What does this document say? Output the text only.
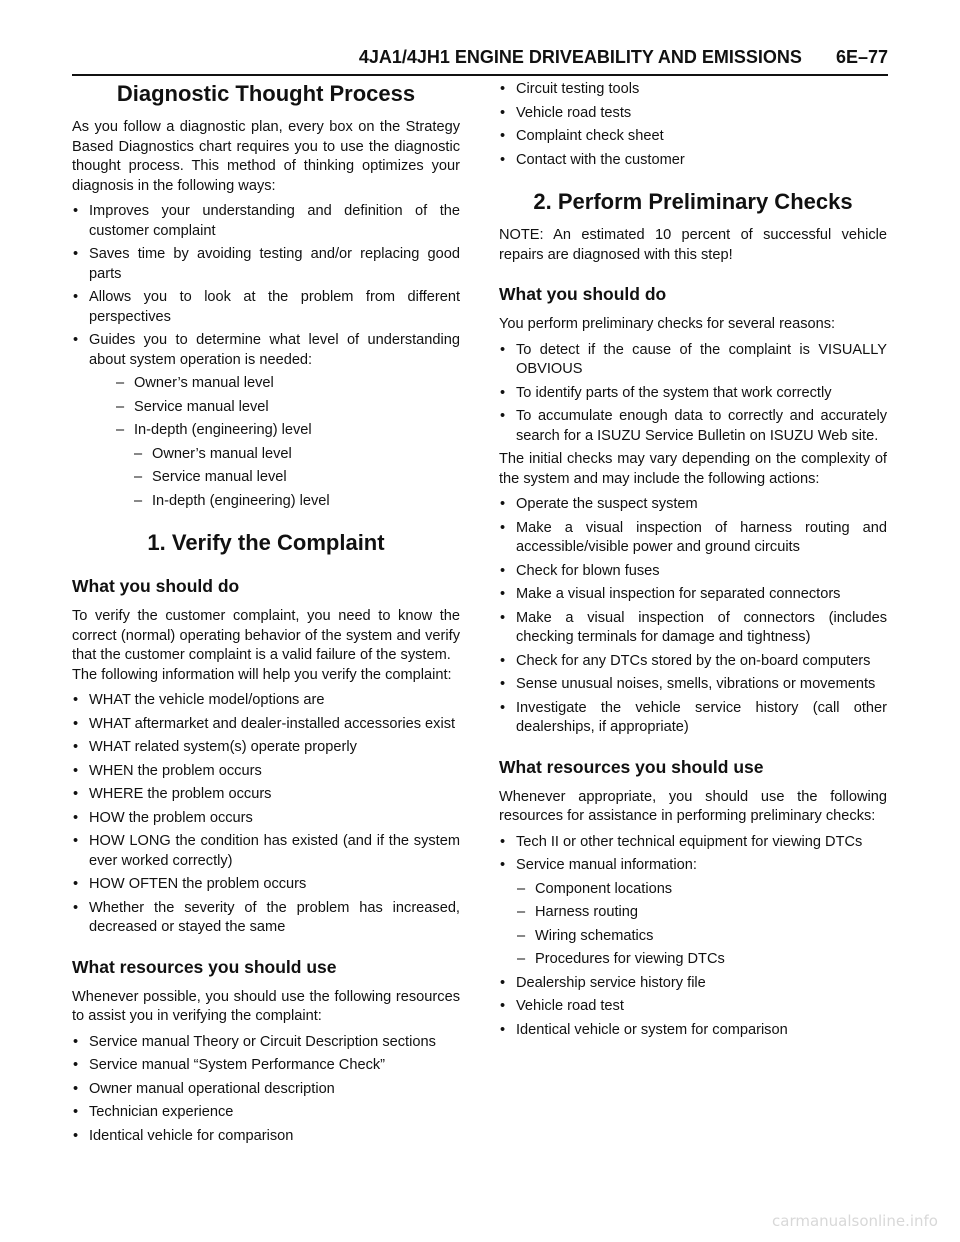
4JA1/4JH1 ENGINE DRIVEABILITY AND EMISSIONS 6E–77
Diagnostic Thought Process

As you follow a diagnostic plan, every box on the Strategy Based Diagnostics chart requires you to use the diagnostic thought process. This method of thinking optimizes your diagnosis in the following ways:

• Improves your understanding and definition of the customer complaint
• Saves time by avoiding testing and/or replacing good parts
• Allows you to look at the problem from different perspectives
• Guides you to determine what level of understanding about system operation is needed:
– Owner’s manual level
– Service manual level
– In-depth (engineering) level
– Owner’s manual level
– Service manual level
– In-depth (engineering) level
1. Verify the Complaint
What you should do

To verify the customer complaint, you need to know the correct (normal) operating behavior of the system and verify that the customer complaint is a valid failure of the system.

The following information will help you verify the complaint:

• WHAT the vehicle model/options are
• WHAT aftermarket and dealer-installed accessories exist
• WHAT related system(s) operate properly
• WHEN the problem occurs
• WHERE the problem occurs
• HOW the problem occurs
• HOW LONG the condition has existed (and if the system ever worked correctly)
• HOW OFTEN the problem occurs
• Whether the severity of the problem has increased, decreased or stayed the same
What resources you should use

Whenever possible, you should use the following resources to assist you in verifying the complaint:

• Service manual Theory or Circuit Description sections
• Service manual “System Performance Check”
• Owner manual operational description
• Technician experience
• Identical vehicle for comparison
• Circuit testing tools
• Vehicle road tests
• Complaint check sheet
• Contact with the customer
2. Perform Preliminary Checks

NOTE: An estimated 10 percent of successful vehicle repairs are diagnosed with this step!

What you should do

You perform preliminary checks for several reasons:

• To detect if the cause of the complaint is VISUALLY OBVIOUS
• To identify parts of the system that work correctly
• To accumulate enough data to correctly and accurately search for a ISUZU Service Bulletin on ISUZU Web site.

The initial checks may vary depending on the complexity of the system and may include the following actions:

• Operate the suspect system
• Make a visual inspection of harness routing and accessible/visible power and ground circuits
• Check for blown fuses
• Make a visual inspection for separated connectors
• Make a visual inspection of connectors (includes checking terminals for damage and tightness)
• Check for any DTCs stored by the on-board computers
• Sense unusual noises, smells, vibrations or movements
• Investigate the vehicle service history (call other dealerships, if appropriate)
What resources you should use

Whenever appropriate, you should use the following resources for assistance in performing preliminary checks:

• Tech II or other technical equipment for viewing DTCs
• Service manual information:
– Component locations
– Harness routing
– Wiring schematics
– Procedures for viewing DTCs
• Dealership service history file
• Vehicle road test
• Identical vehicle or system for comparison
carmanualsonline.info
